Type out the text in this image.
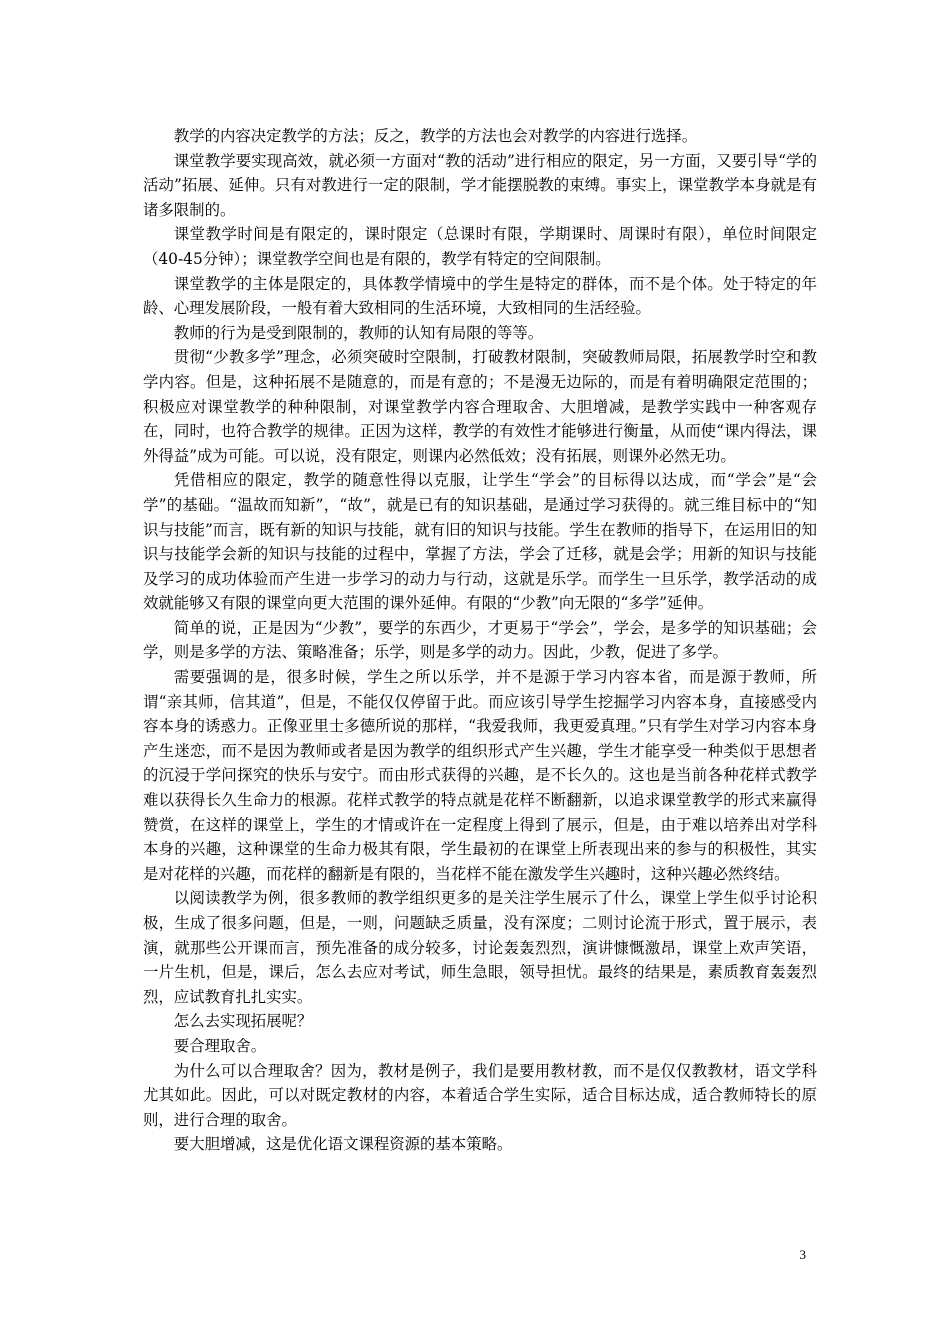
教学的内容决定教学的方法；反之，教学的方法也会对教学的内容进行选择。

课堂教学要实现高效，就必须一方面对“教的活动”进行相应的限定，另一方面，又要引导“学的活动”拓展、延伸。只有对教进行一定的限制，学才能摆脱教的束缚。事实上，课堂教学本身就是有诸多限制的。

课堂教学时间是有限定的，课时限定（总课时有限，学期课时、周课时有限），单位时间限定（40-45分钟）；课堂教学空间也是有限的，教学有特定的空间限制。

课堂教学的主体是限定的，具体教学情境中的学生是特定的群体，而不是个体。处于特定的年龄、心理发展阶段，一般有着大致相同的生活环境，大致相同的生活经验。

教师的行为是受到限制的，教师的认知有局限的等等。

贯彻“少教多学”理念，必须突破时空限制，打破教材限制，突破教师局限，拓展教学时空和教学内容。但是，这种拓展不是随意的，而是有意的；不是漫无边际的，而是有着明确限定范围的；积极应对课堂教学的种种限制，对课堂教学内容合理取舍、大胆增减，是教学实践中一种客观存在，同时，也符合教学的规律。正因为这样，教学的有效性才能够进行衡量，从而使“课内得法，课外得益”成为可能。可以说，没有限定，则课内必然低效；没有拓展，则课外必然无功。

凭借相应的限定，教学的随意性得以克服，让学生“学会”的目标得以达成，而“学会”是“会学”的基础。“温故而知新”，“故”，就是已有的知识基础，是通过学习获得的。就三维目标中的“知识与技能”而言，既有新的知识与技能，就有旧的知识与技能。学生在教师的指导下，在运用旧的知识与技能学会新的知识与技能的过程中，掌握了方法，学会了迁移，就是会学；用新的知识与技能及学习的成功体验而产生进一步学习的动力与行动，这就是乐学。而学生一旦乐学，教学活动的成效就能够又有限的课堂向更大范围的课外延伸。有限的“少教”向无限的“多学”延伸。

简单的说，正是因为“少教”，要学的东西少，才更易于“学会”，学会，是多学的知识基础；会学，则是多学的方法、策略准备；乐学，则是多学的动力。因此，少教，促进了多学。

需要强调的是，很多时候，学生之所以乐学，并不是源于学习内容本省，而是源于教师，所谓“亲其师，信其道”，但是，不能仅仅停留于此。而应该引导学生挖掘学习内容本身，直接感受内容本身的诱惑力。正像亚里士多德所说的那样，“我爱我师，我更爱真理。”只有学生对学习内容本身产生迷恋，而不是因为教师或者是因为教学的组织形式产生兴趣，学生才能享受一种类似于思想者的沉浸于学问探究的快乐与安宁。而由形式获得的兴趣，是不长久的。这也是当前各种花样式教学难以获得长久生命力的根源。花样式教学的特点就是花样不断翻新，以追求课堂教学的形式来赢得赞赏，在这样的课堂上，学生的才情或许在一定程度上得到了展示，但是，由于难以培养出对学科本身的兴趣，这种课堂的生命力极其有限，学生最初的在课堂上所表现出来的参与的积极性，其实是对花样的兴趣，而花样的翻新是有限的，当花样不能在激发学生兴趣时，这种兴趣必然终结。

以阅读教学为例，很多教师的教学组织更多的是关注学生展示了什么，课堂上学生似乎讨论积极，生成了很多问题，但是，一则，问题缺乏质量，没有深度；二则讨论流于形式，置于展示，表演，就那些公开课而言，预先准备的成分较多，讨论轰轰烈烈，演讲慷慨激昂，课堂上欢声笑语，一片生机，但是，课后，怎么去应对考试，师生急眼，领导担忧。最终的结果是，素质教育轰轰烈烈，应试教育扎扎实实。

怎么去实现拓展呢？

要合理取舍。

为什么可以合理取舍？因为，教材是例子，我们是要用教材教，而不是仅仅教教材，语文学科尤其如此。因此，可以对既定教材的内容，本着适合学生实际，适合目标达成，适合教师特长的原则，进行合理的取舍。

要大胆增减，这是优化语文课程资源的基本策略。

3
